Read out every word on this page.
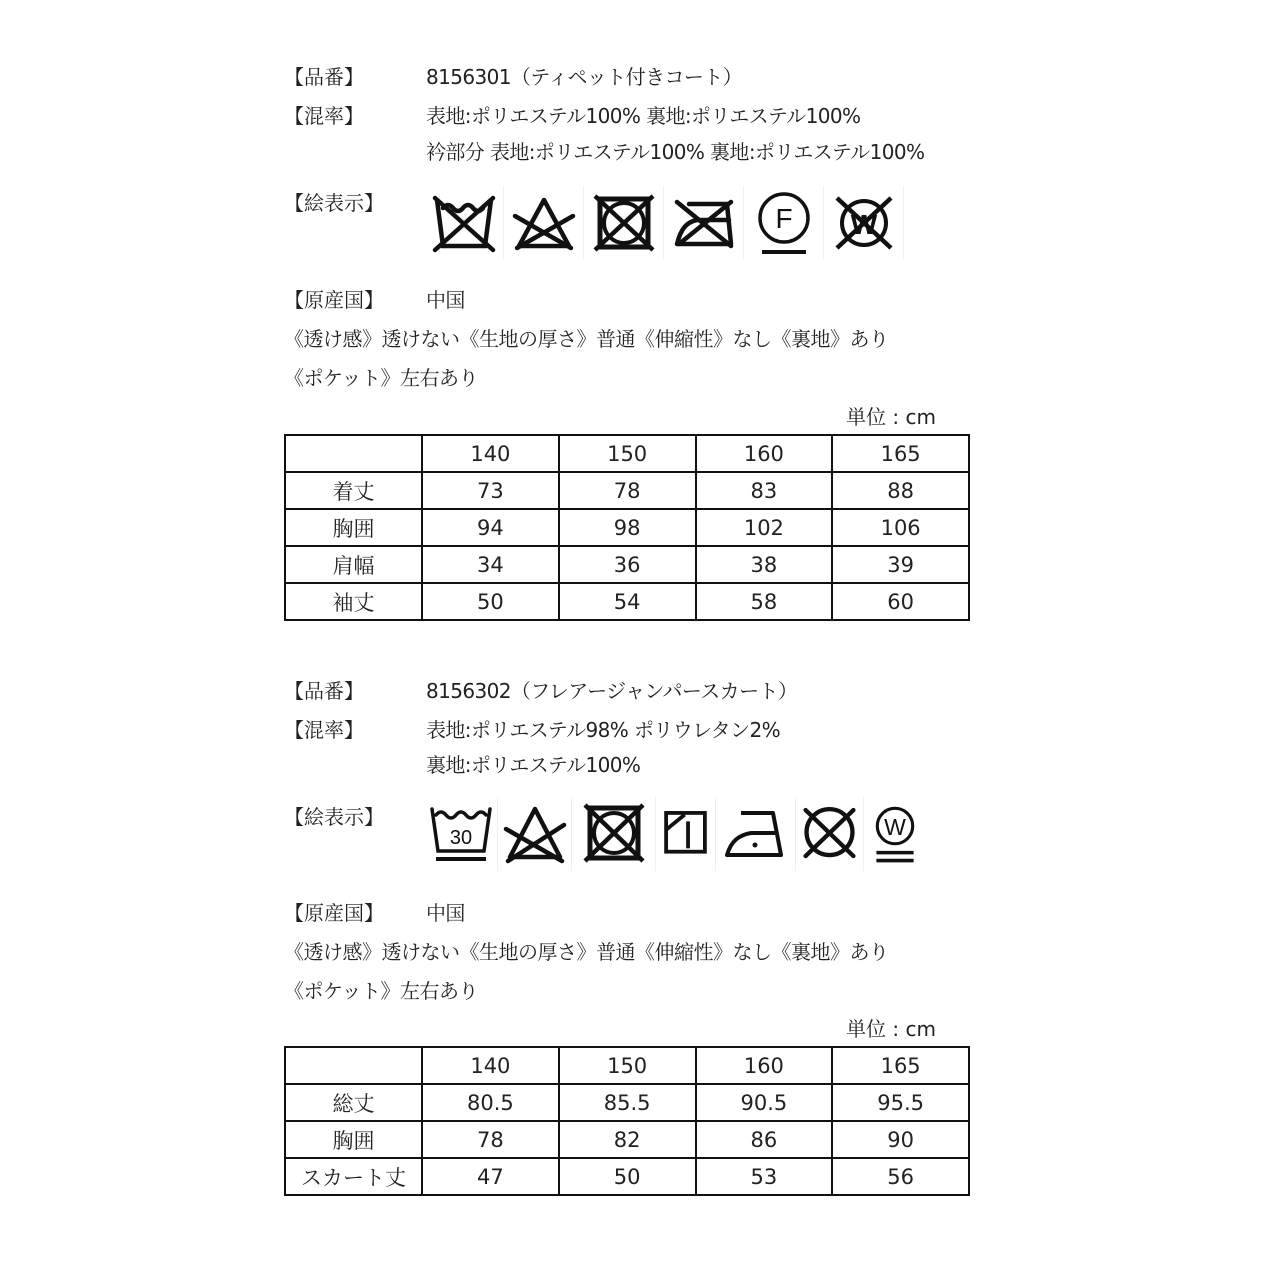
【品番】	8156301（ティペット付きコート）
【混率】	表地:ポリエステル100% 裏地:ポリエステル100%
衿部分 表地:ポリエステル100% 裏地:ポリエステル100%
【絵表示】	F W
【原産国】 中国
《透け感》透けない《生地の厚さ》普通《伸縮性》なし《裏地》あり
《ポケット》左右あり
単位 : cm
	140	150	160	165
着丈	73	78	83	88
胸囲	94	98	102	106
肩幅	34	36	38	39
袖丈	50	54	58	60
【品番】	8156302（フレアージャンパースカート）
【混率】	表地:ポリエステル98% ポリウレタン2%
裏地:ポリエステル100%
【絵表示】
30	W
【原産国】 中国
《透け感》透けない《生地の厚さ》普通《伸縮性》なし《裏地》あり
《ポケット》左右あり
単位 : cm
	140	150	160	165
総丈	80.5	85.5	90.5	95.5
胸囲	78	82	86	90
スカート丈	47	50	53	56
